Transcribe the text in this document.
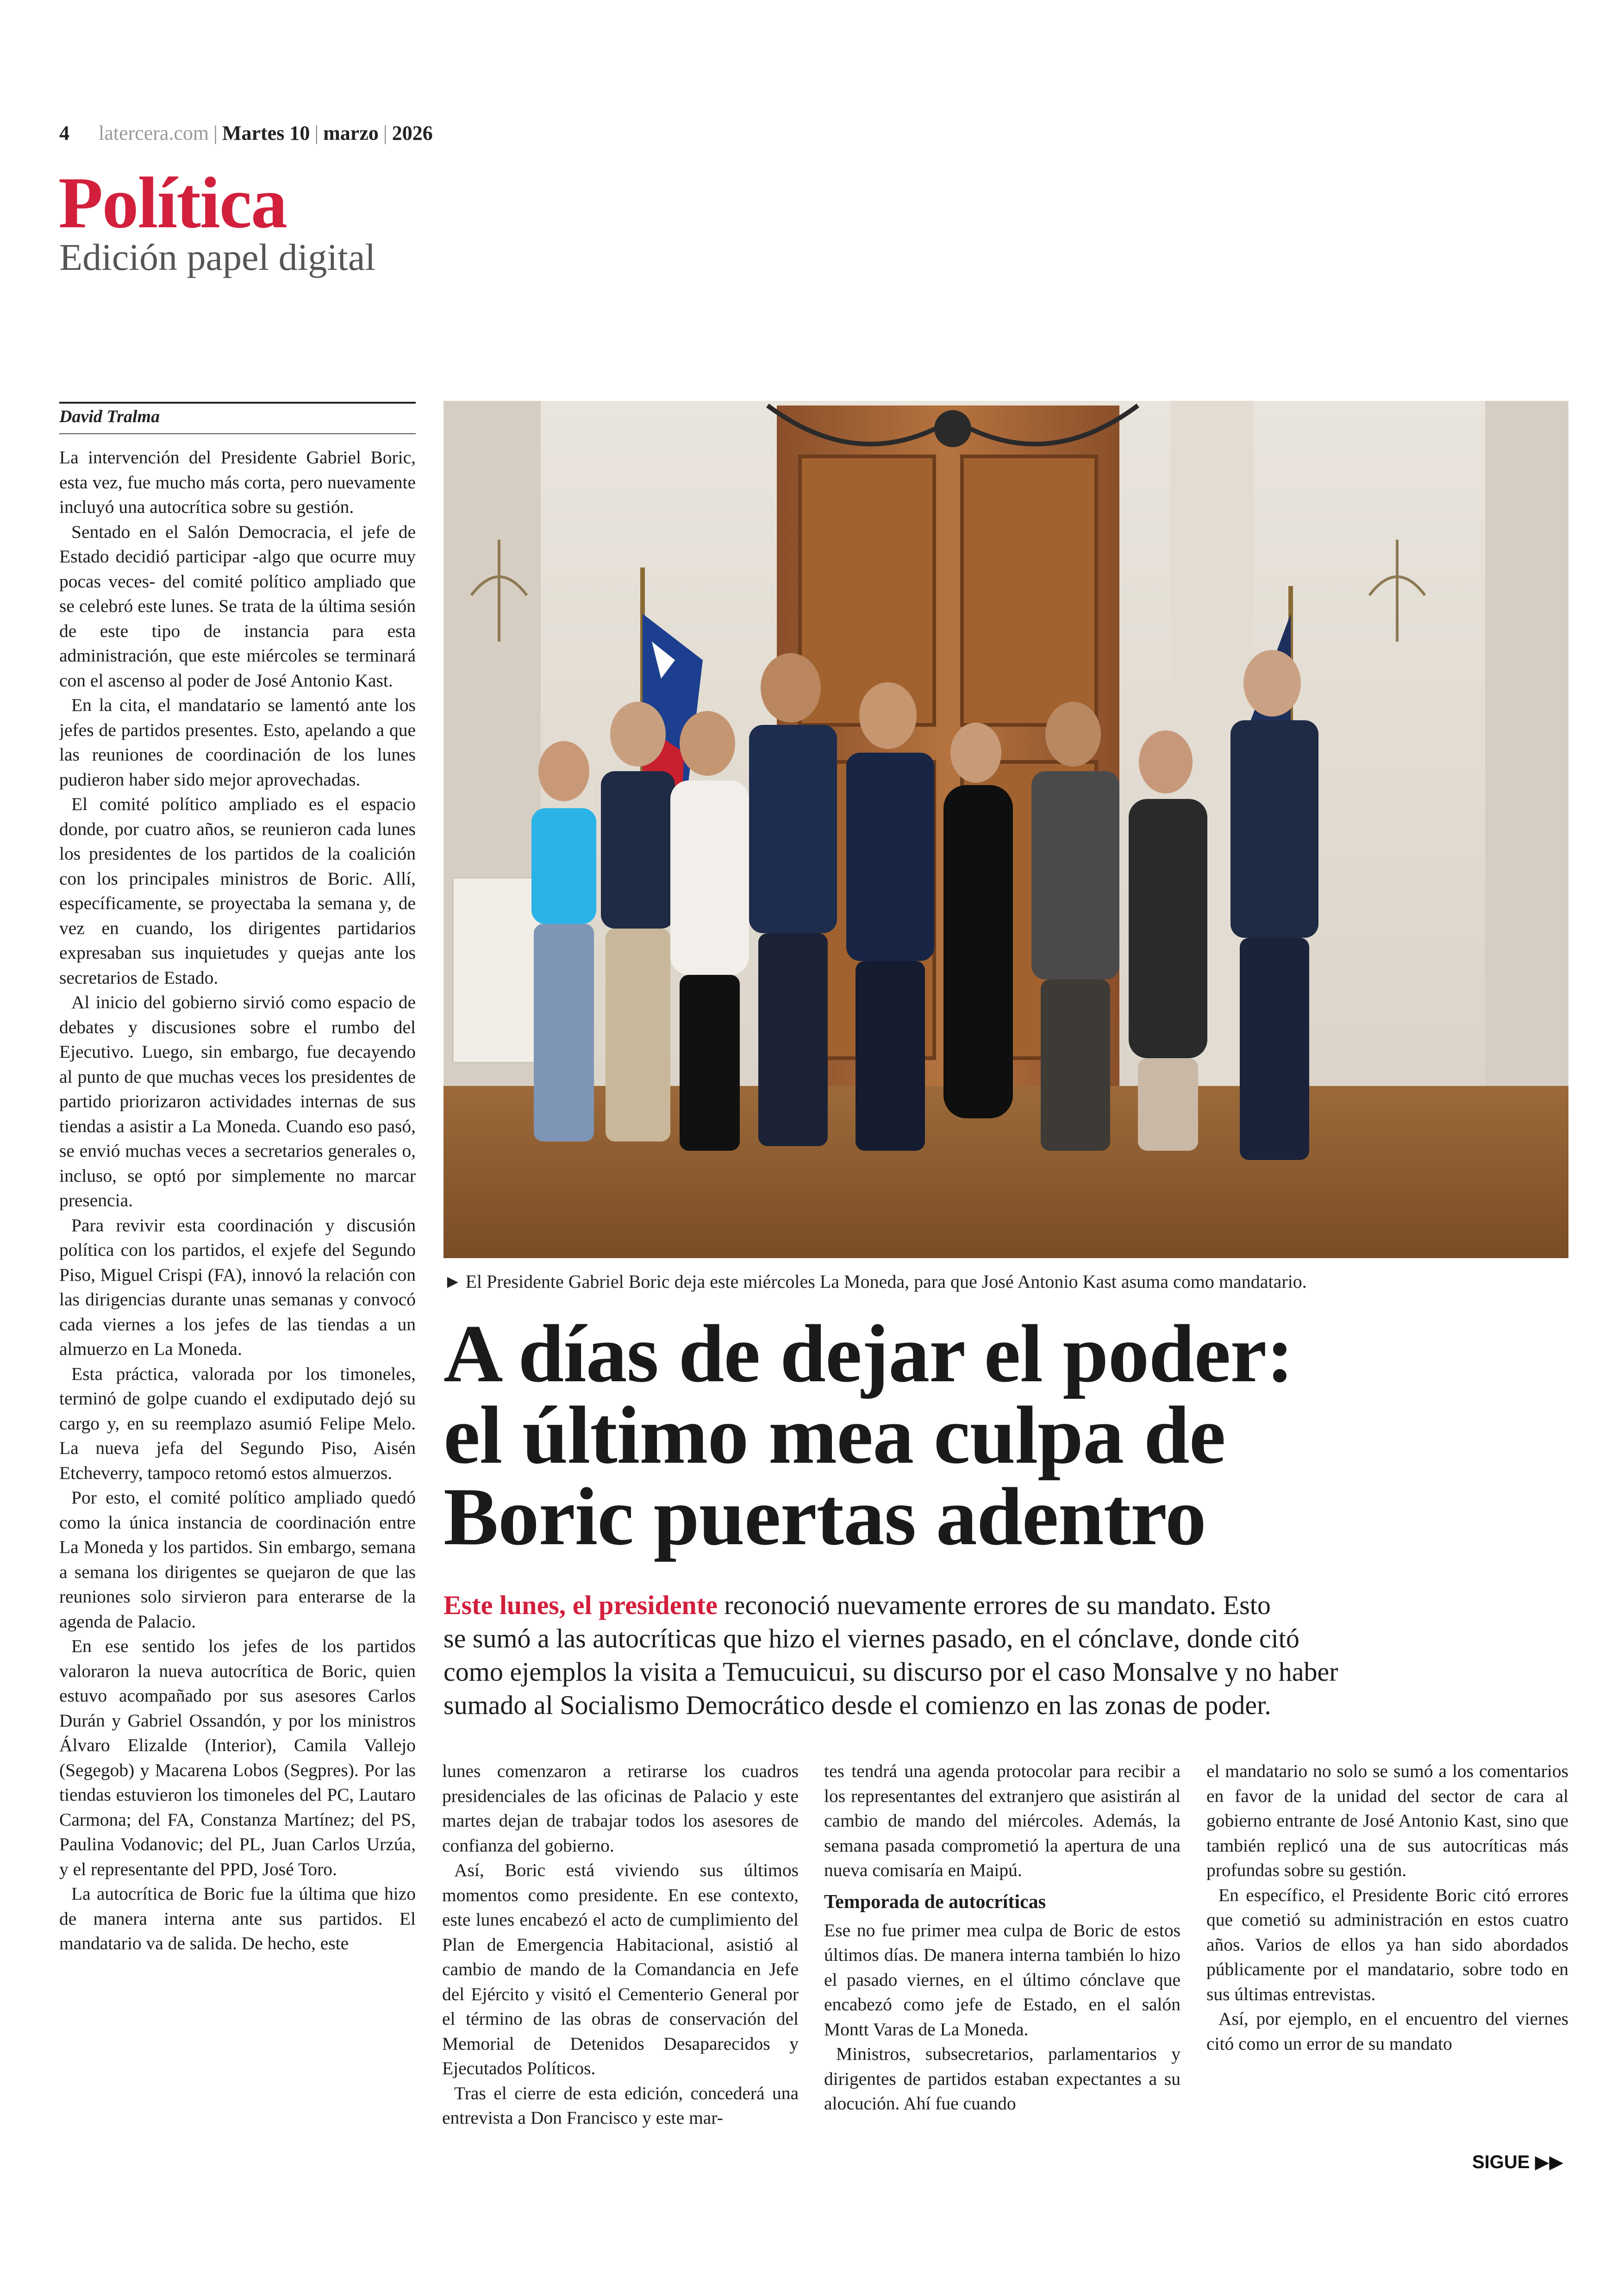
4 latercera.com | Martes 10 | marzo | 2026
Política
Edición papel digital
David Tralma

La intervención del Presidente Gabriel Boric, esta vez, fue mucho más corta, pero nuevamente incluyó una autocrítica sobre su gestión.

Sentado en el Salón Democracia, el jefe de Estado decidió participar -algo que ocurre muy pocas veces- del comité político ampliado que se celebró este lunes. Se trata de la última sesión de este tipo de instancia para esta administración, que este miércoles se terminará con el ascenso al poder de José Antonio Kast.

En la cita, el mandatario se lamentó ante los jefes de partidos presentes. Esto, apelando a que las reuniones de coordinación de los lunes pudieron haber sido mejor aprovechadas.

El comité político ampliado es el espacio donde, por cuatro años, se reunieron cada lunes los presidentes de los partidos de la coalición con los principales ministros de Boric. Allí, específicamente, se proyectaba la semana y, de vez en cuando, los dirigentes partidarios expresaban sus inquietudes y quejas ante los secretarios de Estado.

Al inicio del gobierno sirvió como espacio de debates y discusiones sobre el rumbo del Ejecutivo. Luego, sin embargo, fue decayendo al punto de que muchas veces los presidentes de partido priorizaron actividades internas de sus tiendas a asistir a La Moneda. Cuando eso pasó, se envió muchas veces a secretarios generales o, incluso, se optó por simplemente no marcar presencia.

Para revivir esta coordinación y discusión política con los partidos, el exjefe del Segundo Piso, Miguel Crispi (FA), innovó la relación con las dirigencias durante unas semanas y convocó cada viernes a los jefes de las tiendas a un almuerzo en La Moneda.

Esta práctica, valorada por los timoneles, terminó de golpe cuando el exdiputado dejó su cargo y, en su reemplazo asumió Felipe Melo. La nueva jefa del Segundo Piso, Aisén Etcheverry, tampoco retomó estos almuerzos.

Por esto, el comité político ampliado quedó como la única instancia de coordinación entre La Moneda y los partidos. Sin embargo, semana a semana los dirigentes se quejaron de que las reuniones solo sirvieron para enterarse de la agenda de Palacio.

En ese sentido los jefes de los partidos valoraron la nueva autocrítica de Boric, quien estuvo acompañado por sus asesores Carlos Durán y Gabriel Ossandón, y por los ministros Álvaro Elizalde (Interior), Camila Vallejo (Segegob) y Macarena Lobos (Segpres). Por las tiendas estuvieron los timoneles del PC, Lautaro Carmona; del FA, Constanza Martínez; del PS, Paulina Vodanovic; del PL, Juan Carlos Urzúa, y el representante del PPD, José Toro.

La autocrítica de Boric fue la última que hizo de manera interna ante sus partidos. El mandatario va de salida. De hecho, este

► El Presidente Gabriel Boric deja este miércoles La Moneda, para que José Antonio Kast asuma como mandatario.
A días de dejar el poder:
el último mea culpa de
Boric puertas adentro
Este lunes, el presidente reconoció nuevamente errores de su mandato. Esto
se sumó a las autocríticas que hizo el viernes pasado, en el cónclave, donde citó
como ejemplos la visita a Temucuicui, su discurso por el caso Monsalve y no haber
sumado al Socialismo Democrático desde el comienzo en las zonas de poder.

lunes comenzaron a retirarse los cuadros presidenciales de las oficinas de Palacio y este martes dejan de trabajar todos los asesores de confianza del gobierno.

Así, Boric está viviendo sus últimos momentos como presidente. En ese contexto, este lunes encabezó el acto de cumplimiento del Plan de Emergencia Habitacional, asistió al cambio de mando de la Comandancia en Jefe del Ejército y visitó el Cementerio General por el término de las obras de conservación del Memorial de Detenidos Desaparecidos y Ejecutados Políticos.

Tras el cierre de esta edición, concederá una entrevista a Don Francisco y este mar-

tes tendrá una agenda protocolar para recibir a los representantes del extranjero que asistirán al cambio de mando del miércoles. Además, la semana pasada comprometió la apertura de una nueva comisaría en Maipú.

Temporada de autocríticas

Ese no fue primer mea culpa de Boric de estos últimos días. De manera interna también lo hizo el pasado viernes, en el último cónclave que encabezó como jefe de Estado, en el salón Montt Varas de La Moneda.

Ministros, subsecretarios, parlamentarios y dirigentes de partidos estaban expectantes a su alocución. Ahí fue cuando

el mandatario no solo se sumó a los comentarios en favor de la unidad del sector de cara al gobierno entrante de José Antonio Kast, sino que también replicó una de sus autocríticas más profundas sobre su gestión.

En específico, el Presidente Boric citó errores que cometió su administración en estos cuatro años. Varios de ellos ya han sido abordados públicamente por el mandatario, sobre todo en sus últimas entrevistas.

Así, por ejemplo, en el encuentro del viernes citó como un error de su mandato

SIGUE ▶▶
